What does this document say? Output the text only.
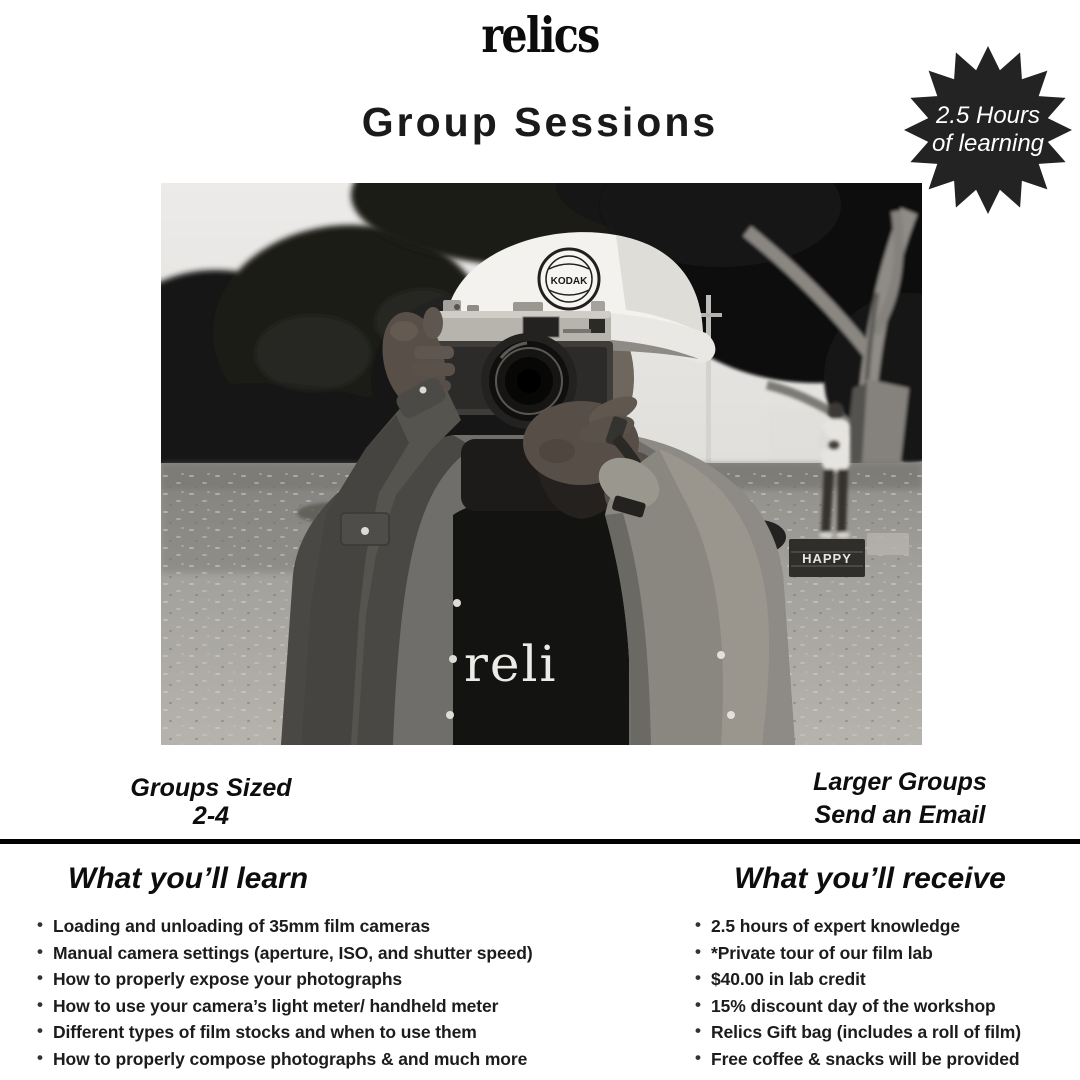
relics
Group Sessions	2.5 Hours
of learning
HAPPY
reli
KODAK
Groups Sized
2-4
Larger Groups
Send an Email
What you’ll learn
• Loading and unloading of 35mm film cameras
• Manual camera settings (aperture, ISO, and shutter speed)
• How to properly expose your photographs
• How to use your camera’s light meter/ handheld meter
• Different types of film stocks and when to use them
• How to properly compose photographs & and much more
What you’ll receive
• 2.5 hours of expert knowledge
• *Private tour of our film lab
• $40.00 in lab credit
• 15% discount day of the workshop
• Relics Gift bag (includes a roll of film)
• Free coffee & snacks will be provided
